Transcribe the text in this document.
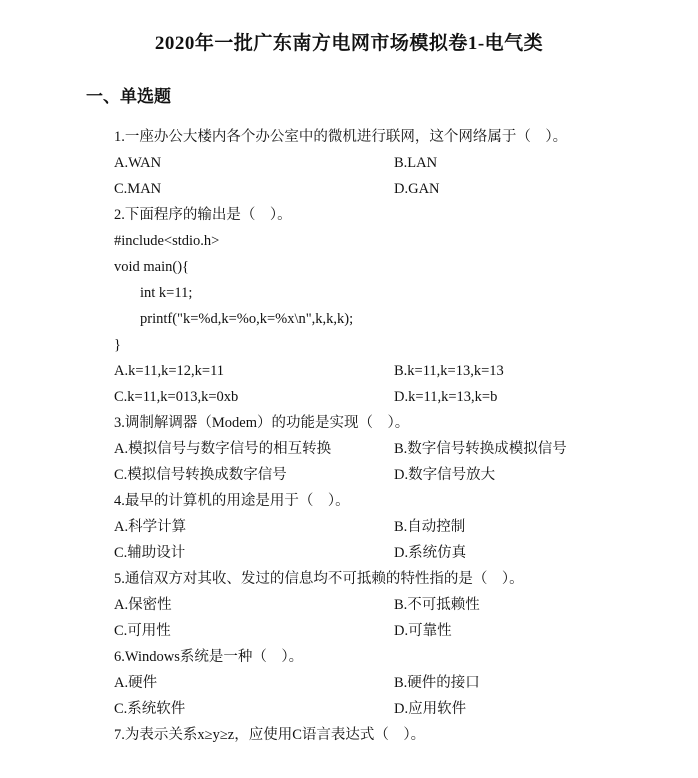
2020年一批广东南方电网市场模拟卷1-电气类
一、单选题
1.一座办公大楼内各个办公室中的微机进行联网，这个网络属于（　）。
A.WAN	B.LAN
C.MAN	D.GAN
2.下面程序的输出是（　）。
#include<stdio.h>
void main(){
int k=11;
printf("k=%d,k=%o,k=%x\n",k,k,k);
}
A.k=11,k=12,k=11	B.k=11,k=13,k=13
C.k=11,k=013,k=0xb	D.k=11,k=13,k=b
3.调制解调器（Modem）的功能是实现（　）。
A.模拟信号与数字信号的相互转换	B.数字信号转换成模拟信号
C.模拟信号转换成数字信号	D.数字信号放大
4.最早的计算机的用途是用于（　）。
A.科学计算	B.自动控制
C.辅助设计	D.系统仿真
5.通信双方对其收、发过的信息均不可抵赖的特性指的是（　）。
A.保密性	B.不可抵赖性
C.可用性	D.可靠性
6.Windows系统是一种（　）。
A.硬件	B.硬件的接口
C.系统软件	D.应用软件
7.为表示关系x≥y≥z，应使用C语言表达式（　）。
